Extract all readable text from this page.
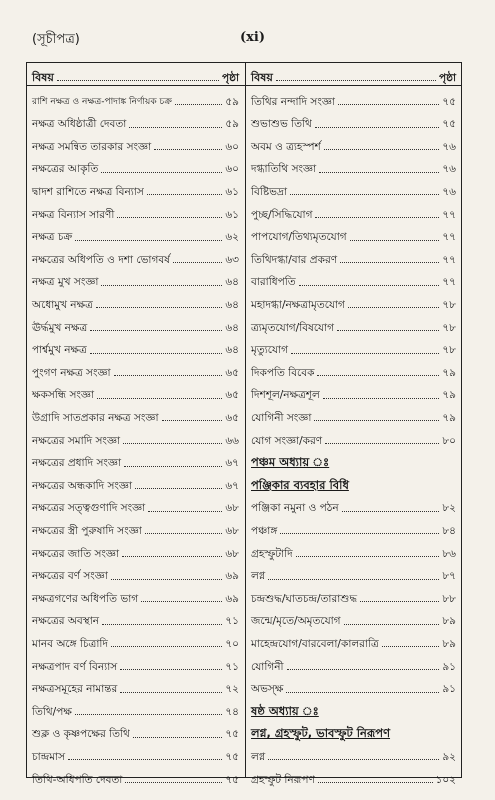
(সূচীপত্র)	(xi)
বিষয়	পৃষ্ঠা
রাশি নক্ষত্র ও নক্ষত্র-পাদাঙ্ক নির্ণায়ক চক্র	৫৯
নক্ষত্র অধিষ্ঠাত্রী দেবতা	৫৯
নক্ষত্র সমন্বিত তারকার সংজ্ঞা	৬০
নক্ষত্রের আকৃতি	৬০
দ্বাদশ রাশিতে নক্ষত্র বিন্যাস	৬১
নক্ষত্র বিন্যাস সারণী	৬১
নক্ষত্র চক্র	৬২
নক্ষত্রের অধিপতি ও দশা ভোগবর্ষ	৬৩
নক্ষত্র মুখ সংজ্ঞা	৬৪
অধোমুখ নক্ষত্র	৬৪
ঊর্দ্ধমুখ নক্ষত্র	৬৪
পার্শ্বমুখ নক্ষত্র	৬৪
পুংগণ নক্ষত্র সংজ্ঞা	৬৫
ক্ষকসন্ধি সংজ্ঞা	৬৫
উগ্রাদি সাতপ্রকার নক্ষত্র সংজ্ঞা	৬৫
নক্ষত্রের সমাদি সংজ্ঞা	৬৬
নক্ষত্রের প্রধাদি সংজ্ঞা	৬৭
নক্ষত্রের অন্ধকাদি সংজ্ঞা	৬৭
নক্ষত্রের সত্ত্বগুণাদি সংজ্ঞা	৬৮
নক্ষত্রের স্ত্রী পুরুষাদি সংজ্ঞা	৬৮
নক্ষত্রের জাতি সংজ্ঞা	৬৮
নক্ষত্রের বর্ণ সংজ্ঞা	৬৯
নক্ষত্রগণের অধিপতি ভাগ	৬৯
নক্ষত্রের অবস্থান	৭১
মানব অঙ্গে চিত্রাদি	৭০
নক্ষত্রপাদ বর্ণ বিন্যাস	৭১
নক্ষত্রসমূহের নামান্তর	৭২
তিথি/পক্ষ	৭৪
শুক্ল ও কৃষ্ণপক্ষের তিথি	৭৫
চান্দ্রমাস	৭৫
তিথি-অধিপতি দেবতা	৭৫
বিষয়	পৃষ্ঠা
তিথির নন্দাদি সংজ্ঞা	৭৫
শুভাশুভ তিথি	৭৫
অবম ও ত্র্যহস্পর্শ	৭৬
দগ্ধাতিথি সংজ্ঞা	৭৬
বিষ্টিভদ্রা	৭৬
পুচ্ছ/সিদ্ধিযোগ	৭৭
পাপযোগ/তিথ্যমৃতযোগ	৭৭
তিথিদগ্ধা/বার প্রকরণ	৭৭
বারাধিপতি	৭৭
মহাদগ্ধা/নক্ষত্রামৃতযোগ	৭৮
ত্র্যমৃতযোগ/বিষযোগ	৭৮
মৃত্যুযোগ	৭৮
দিকপতি বিবেক	৭৯
দিশশূল/নক্ষত্রশূল	৭৯
যোগিনী সংজ্ঞা	৭৯
যোগ সংজ্ঞা/করণ	৮০
পঞ্চম অধ্যায় ঃ
পঞ্জিকার ব্যবহার বিধি
পঞ্জিকা নমুনা ও পঠন	৮২
পঞ্চাঙ্গ	৮৪
গ্রহস্ফুটাদি	৮৬
লগ্ন	৮৭
চন্দ্রশুদ্ধ/ঘাতচন্দ্র/তারাশুদ্ধ	৮৮
জন্মে/মৃতে/অমৃতযোগ	৮৯
মাহেন্দ্রযোগ/বারবেলা/কালরাত্রি	৮৯
যোগিনী	৯১
অভস্ক্ষ	৯১
ষষ্ঠ অধ্যায় ঃ
লগ্ন, গ্রহস্ফুট, ভাবস্ফুট নিরূপণ
লগ্ন	৯২
গ্রহস্ফুট নিরূপণ	১০২
